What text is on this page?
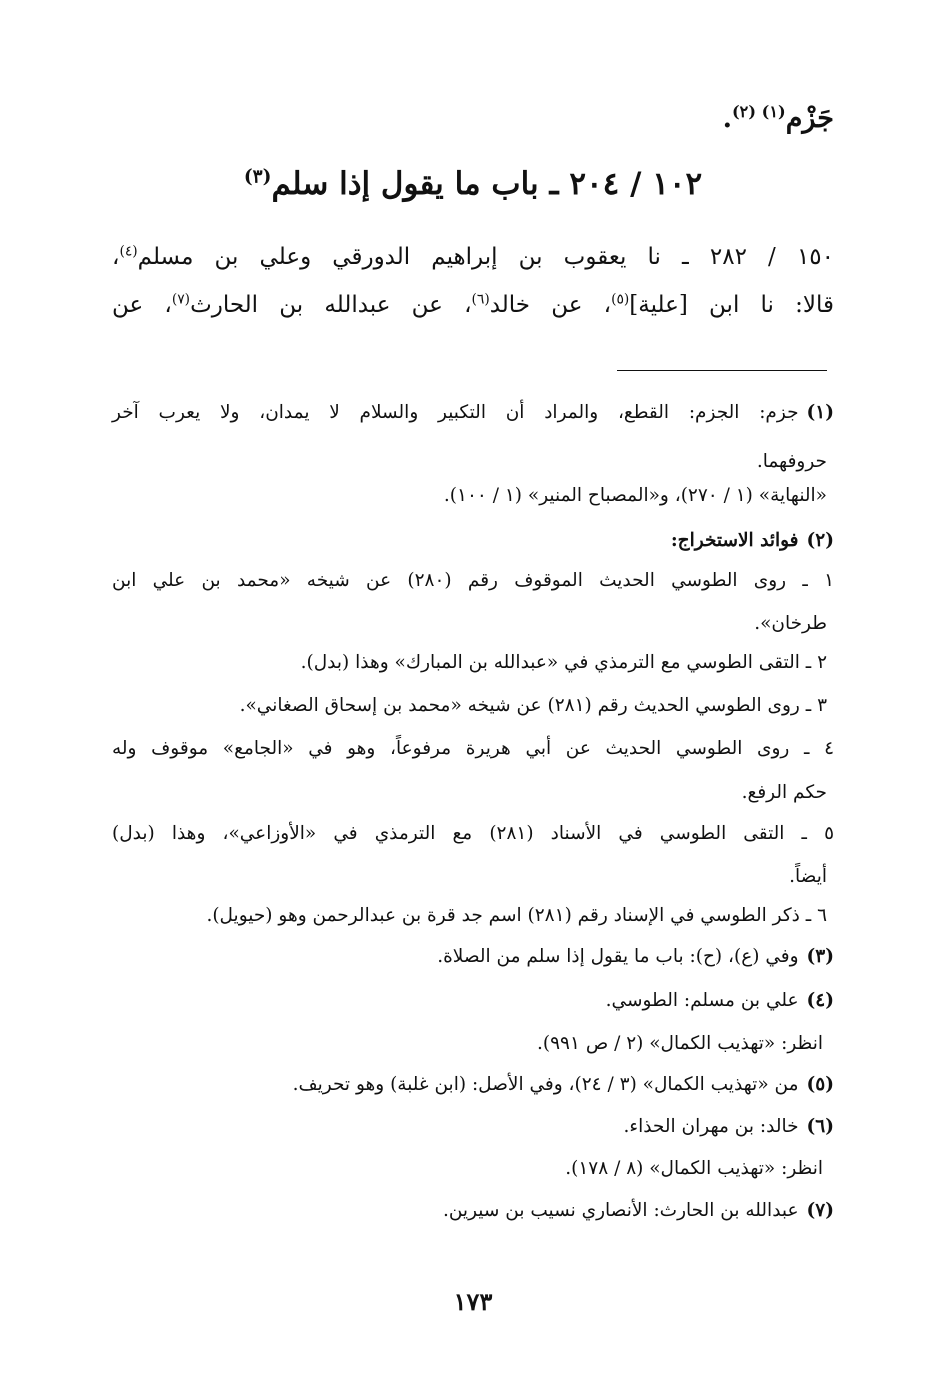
جَزْم$^{(١) (٢)}$.
١٠٢ / ٢٠٤ ـ باب ما يقول إذا سلم$^{(٣)}$
١٥٠ / ٢٨٢ ـ نا يعقوب بن إبراهيم الدورقي وعلي بن مسلم$^{(٤)}$،
قالا: نا ابن [علية]$^{(٥)}$، عن خالد$^{(٦)}$، عن عبدالله بن الحارث$^{(٧)}$، عن
(١)جزم: الجزم: القطع، والمراد أن التكبير والسلام لا يمدان، ولا يعرب آخر
حروفهما.
«النهاية» (١ / ٢٧٠)، و«المصباح المنير» (١ / ١٠٠).
(٢)فوائد الاستخراج:
١ ـ روى الطوسي الحديث الموقوف رقم (٢٨٠) عن شيخه «محمد بن علي ابن
طرخان».
٢ ـ التقى الطوسي مع الترمذي في «عبدالله بن المبارك» وهذا (بدل).
٣ ـ روى الطوسي الحديث رقم (٢٨١) عن شيخه «محمد بن إسحاق الصغاني».
٤ ـ روى الطوسي الحديث عن أبي هريرة مرفوعاً، وهو في «الجامع» موقوف وله
حكم الرفع.
٥ ـ التقى الطوسي في الأسناد (٢٨١) مع الترمذي في «الأوزاعي»، وهذا (بدل)
أيضاً.
٦ ـ ذكر الطوسي في الإسناد رقم (٢٨١) اسم جد قرة بن عبدالرحمن وهو (حيويل).
(٣)وفي (ع)، (ح): باب ما يقول إذا سلم من الصلاة.
(٤)علي بن مسلم: الطوسي.
انظر: «تهذيب الكمال» (٢ / ص ٩٩١).
(٥)من «تهذيب الكمال» (٣ / ٢٤)، وفي الأصل: (ابن غلبة) وهو تحريف.
(٦)خالد: بن مهران الحذاء.
انظر: «تهذيب الكمال» (٨ / ١٧٨).
(٧)عبدالله بن الحارث: الأنصاري نسيب بن سيرين.
١٧٣
